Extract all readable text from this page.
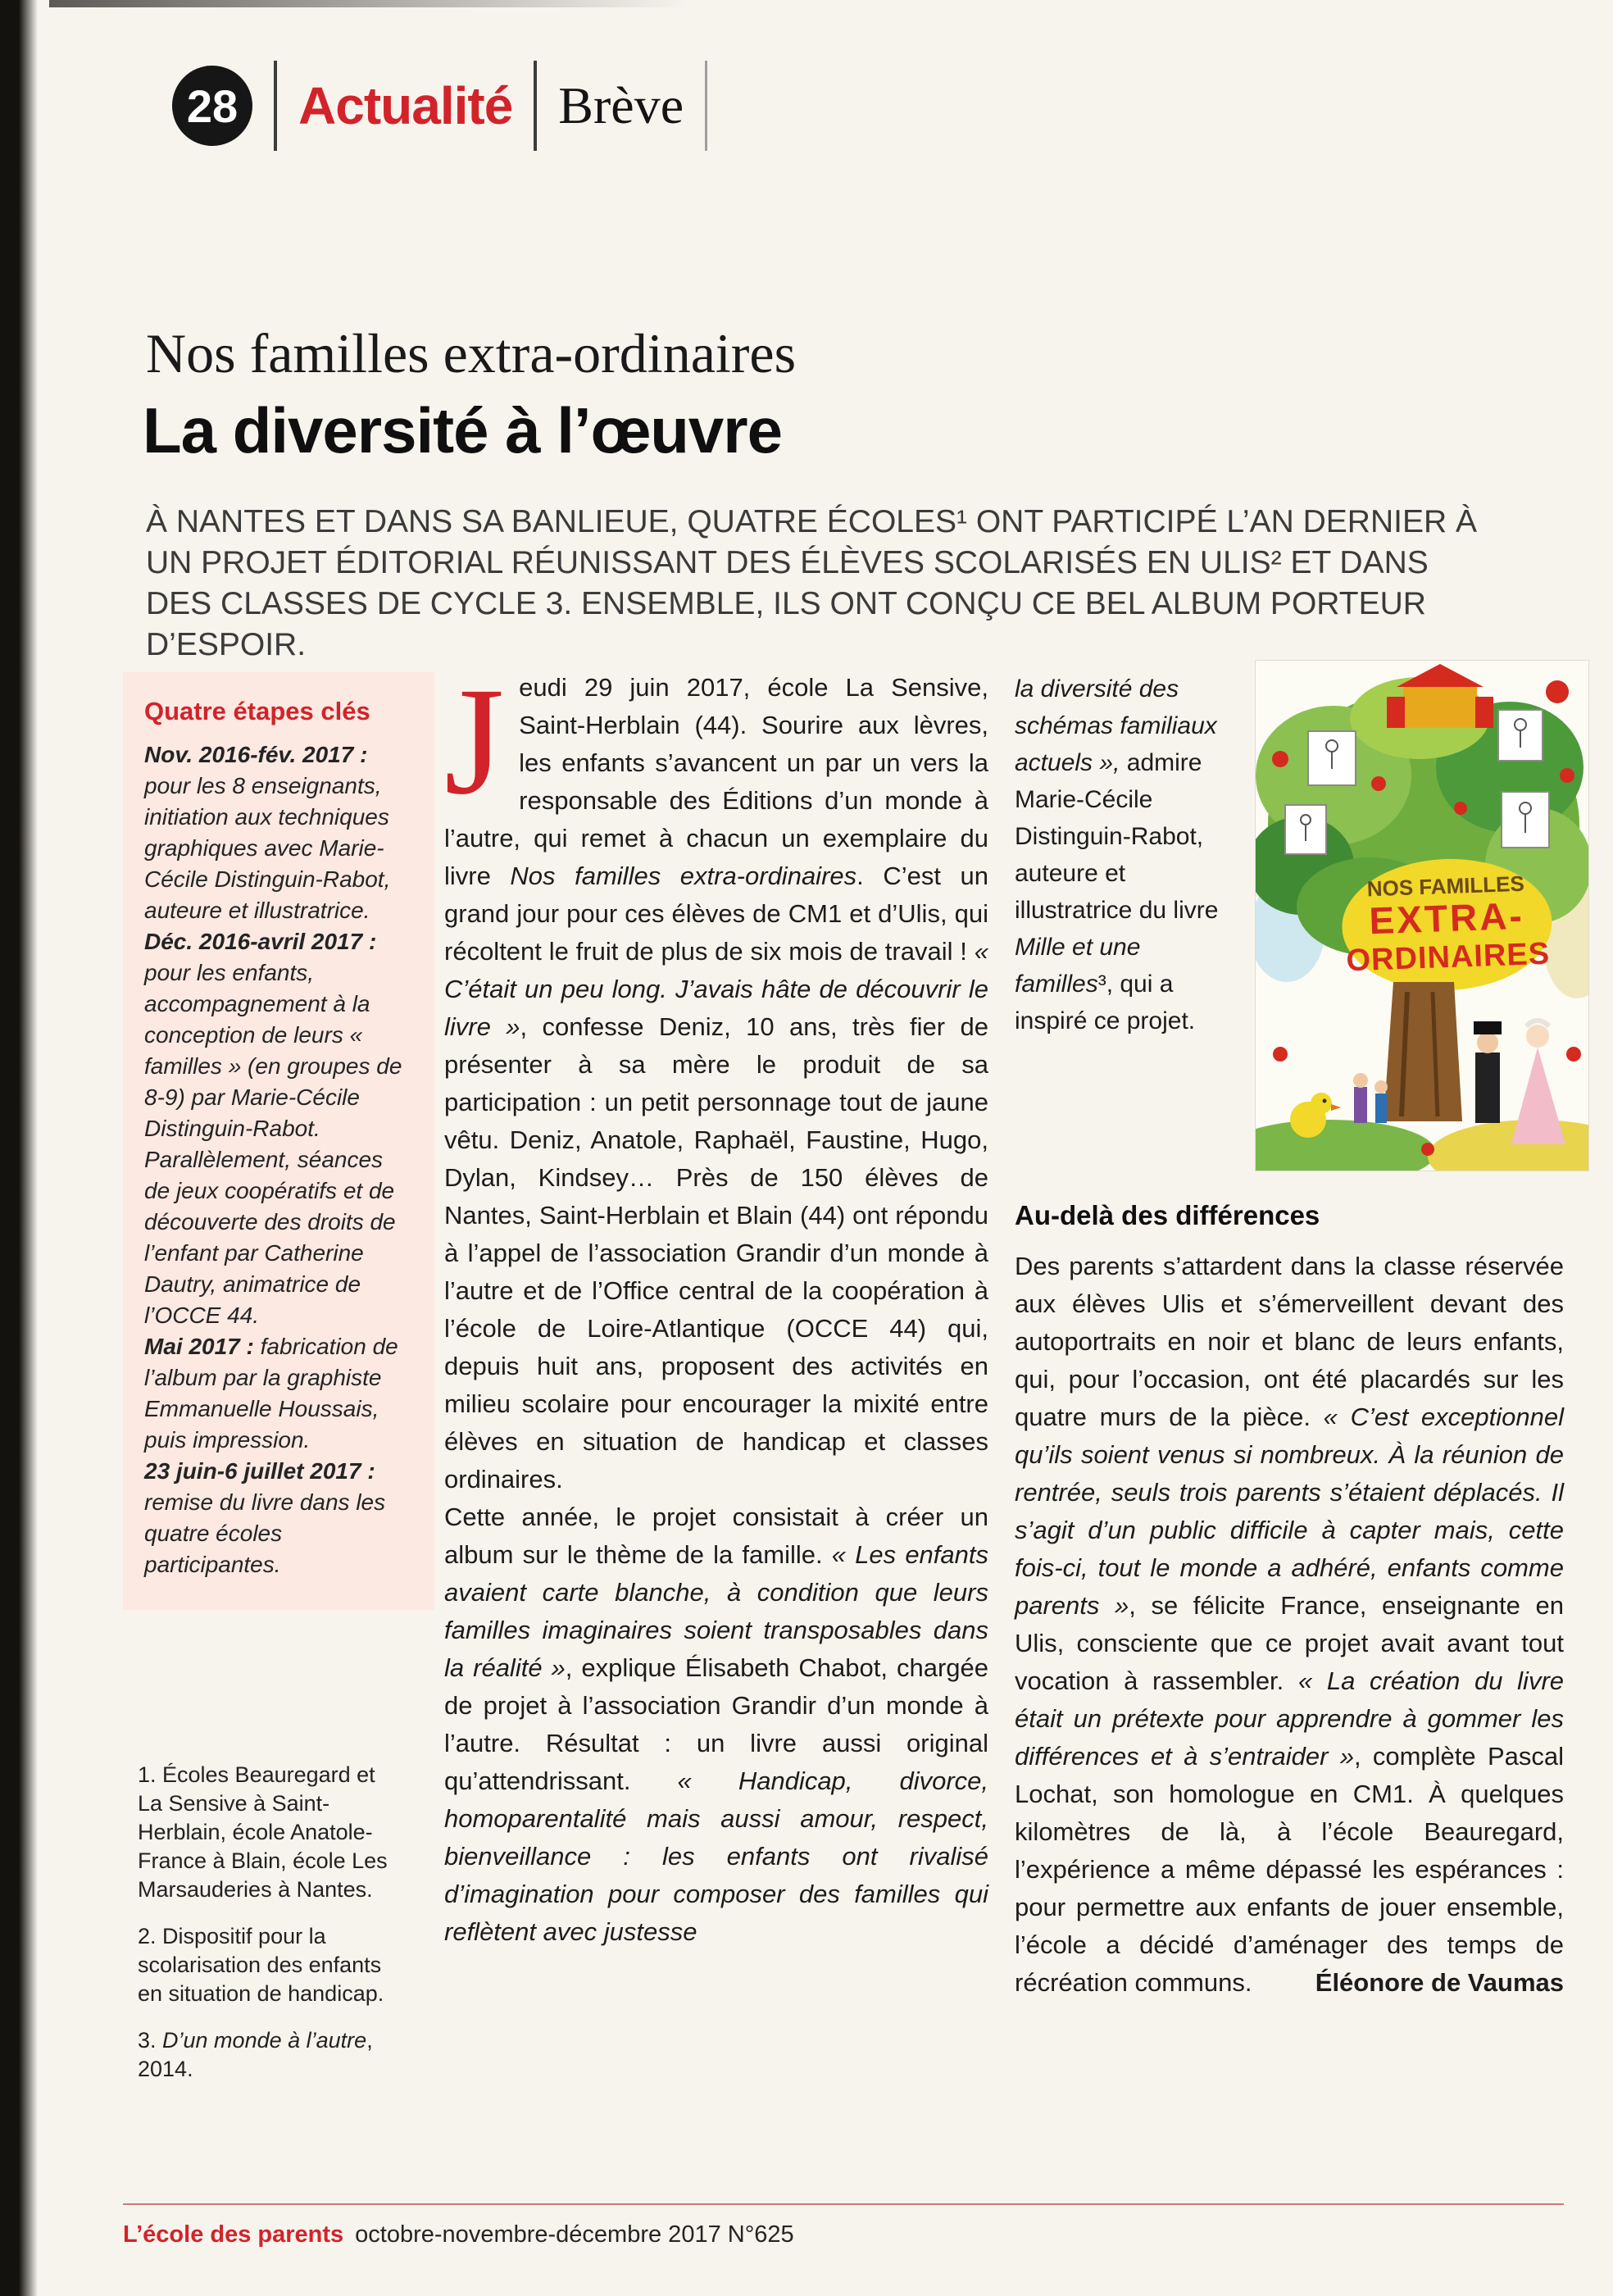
28 Actualité Brève
Nos familles extra-ordinaires
La diversité à l’œuvre
À NANTES ET DANS SA BANLIEUE, QUATRE ÉCOLES¹ ONT PARTICIPÉ L’AN DERNIER À UN PROJET ÉDITORIAL RÉUNISSANT DES ÉLÈVES SCOLARISÉS EN ULIS² ET DANS DES CLASSES DE CYCLE 3. ENSEMBLE, ILS ONT CONÇU CE BEL ALBUM PORTEUR D’ESPOIR.
Quatre étapes clés

Nov. 2016-fév. 2017 : pour les 8 enseignants, initiation aux techniques graphiques avec Marie-Cécile Distinguin-Rabot, auteure et illustratrice.

Déc. 2016-avril 2017 : pour les enfants, accompagnement à la conception de leurs « familles » (en groupes de 8-9) par Marie-Cécile Distinguin-Rabot. Parallèlement, séances de jeux coopératifs et de découverte des droits de l’enfant par Catherine Dautry, animatrice de l’OCCE 44.

Mai 2017 : fabrication de l’album par la graphiste Emmanuelle Houssais, puis impression.

23 juin-6 juillet 2017 : remise du livre dans les quatre écoles participantes.

1. Écoles Beauregard et La Sensive à Saint-Herblain, école Anatole-France à Blain, école Les Marsauderies à Nantes.

2. Dispositif pour la scolarisation des enfants en situation de handicap.

3. D’un monde à l’autre, 2014.

Jeudi 29 juin 2017, école La Sensive, Saint-Herblain (44). Sourire aux lèvres, les enfants s’avancent un par un vers la responsable des Éditions d’un monde à l’autre, qui remet à chacun un exemplaire du livre Nos familles extra-ordinaires. C’est un grand jour pour ces élèves de CM1 et d’Ulis, qui récoltent le fruit de plus de six mois de travail ! « C’était un peu long. J’avais hâte de découvrir le livre », confesse Deniz, 10 ans, très fier de présenter à sa mère le produit de sa participation : un petit personnage tout de jaune vêtu. Deniz, Anatole, Raphaël, Faustine, Hugo, Dylan, Kindsey… Près de 150 élèves de Nantes, Saint-Herblain et Blain (44) ont répondu à l’appel de l’association Grandir d’un monde à l’autre et de l’Office central de la coopération à l’école de Loire-Atlantique (OCCE 44) qui, depuis huit ans, proposent des activités en milieu scolaire pour encourager la mixité entre élèves en situation de handicap et classes ordinaires.

Cette année, le projet consistait à créer un album sur le thème de la famille. « Les enfants avaient carte blanche, à condition que leurs familles imaginaires soient transposables dans la réalité », explique Élisabeth Chabot, chargée de projet à l’association Grandir d’un monde à l’autre. Résultat : un livre aussi original qu’attendrissant. « Handicap, divorce, homoparentalité mais aussi amour, respect, bienveillance : les enfants ont rivalisé d’imagination pour composer des familles qui reflètent avec justesse

la diversité des schémas familiaux actuels », admire Marie-Cécile Distinguin-Rabot, auteure et illustratrice du livre Mille et une familles³, qui a inspiré ce projet.
NOS FAMILLES
EXTRA-
ORDINAIRES
Au-delà des différences

Des parents s’attardent dans la classe réservée aux élèves Ulis et s’émerveillent devant des autoportraits en noir et blanc de leurs enfants, qui, pour l’occasion, ont été placardés sur les quatre murs de la pièce. « C’est exceptionnel qu’ils soient venus si nombreux. À la réunion de rentrée, seuls trois parents s’étaient déplacés. Il s’agit d’un public difficile à capter mais, cette fois-ci, tout le monde a adhéré, enfants comme parents », se félicite France, enseignante en Ulis, consciente que ce projet avait avant tout vocation à rassembler. « La création du livre était un prétexte pour apprendre à gommer les différences et à s’entraider », complète Pascal Lochat, son homologue en CM1. À quelques kilomètres de là, à l’école Beauregard, l’expérience a même dépassé les espérances : pour permettre aux enfants de jouer ensemble, l’école a décidé d’aménager des temps de récréation communs.	Éléonore de Vaumas
L’école des parents octobre-novembre-décembre 2017 N°625
